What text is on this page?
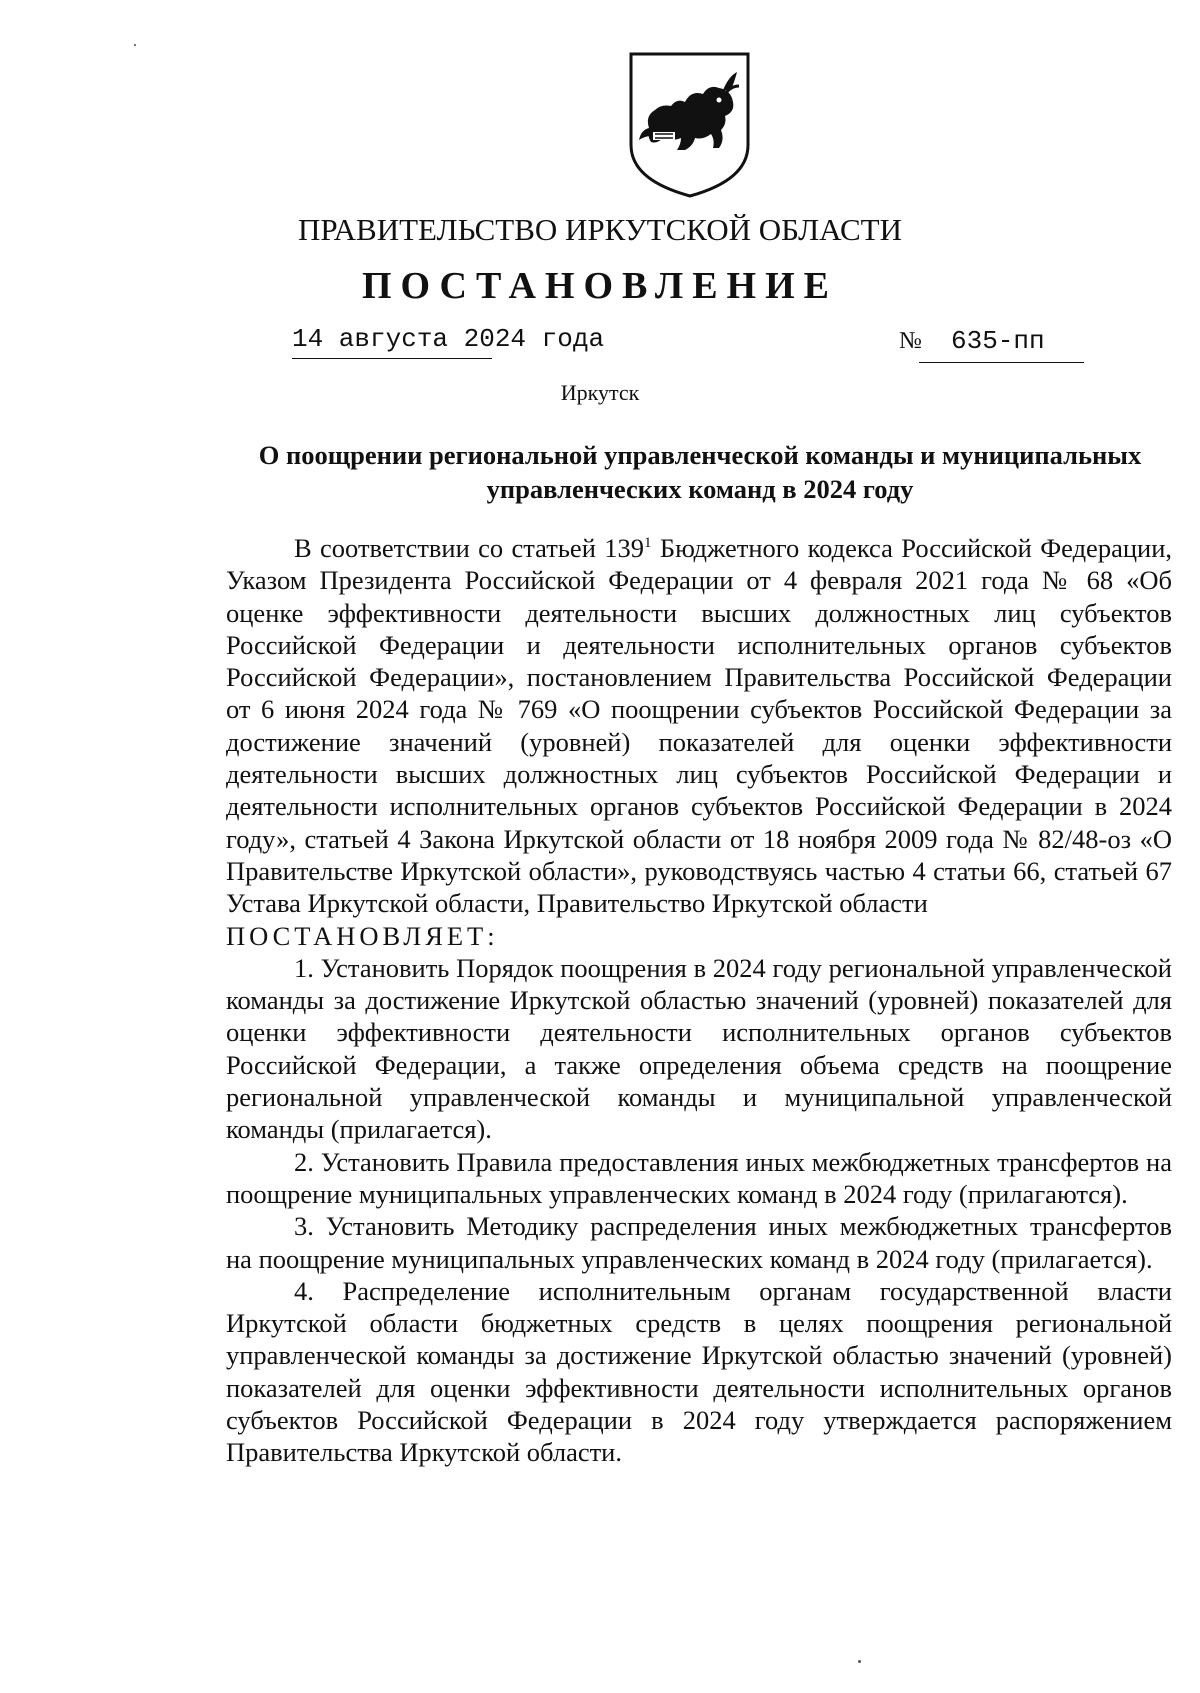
ПРАВИТЕЛЬСТВО ИРКУТСКОЙ ОБЛАСТИ
ПОСТАНОВЛЕНИЕ
14 августа 2024 года	№ 635-пп
Иркутск
О поощрении региональной управленческой команды и муниципальных управленческих команд в 2024 году

В соответствии со статьей $139^1$ Бюджетного кодекса Российской Федерации, Указом Президента Российской Федерации от 4 февраля 2021 года № 68 «Об оценке эффективности деятельности высших должностных лиц субъектов Российской Федерации и деятельности исполнительных органов субъектов Российской Федерации», постановлением Правительства Российской Федерации от 6 июня 2024 года № 769 «О поощрении субъектов Российской Федерации за достижение значений (уровней) показателей для оценки эффективности деятельности высших должностных лиц субъектов Российской Федерации и деятельности исполнительных органов субъектов Российской Федерации в 2024 году», статьей 4 Закона Иркутской области от 18 ноября 2009 года № 82/48-оз «О Правительстве Иркутской области», руководствуясь частью 4 статьи 66, статьей 67 Устава Иркутской области, Правительство Иркутской области

ПОСТАНОВЛЯЕТ:

1. Установить Порядок поощрения в 2024 году региональной управленческой команды за достижение Иркутской областью значений (уровней) показателей для оценки эффективности деятельности исполнительных органов субъектов Российской Федерации, а также определения объема средств на поощрение региональной управленческой команды и муниципальной управленческой команды (прилагается).

2. Установить Правила предоставления иных межбюджетных трансфертов на поощрение муниципальных управленческих команд в 2024 году (прилагаются).

3. Установить Методику распределения иных межбюджетных трансфертов на поощрение муниципальных управленческих команд в 2024 году (прилагается).

4. Распределение исполнительным органам государственной власти Иркутской области бюджетных средств в целях поощрения региональной управленческой команды за достижение Иркутской областью значений (уровней) показателей для оценки эффективности деятельности исполнительных органов субъектов Российской Федерации в 2024 году утверждается распоряжением Правительства Иркутской области.
